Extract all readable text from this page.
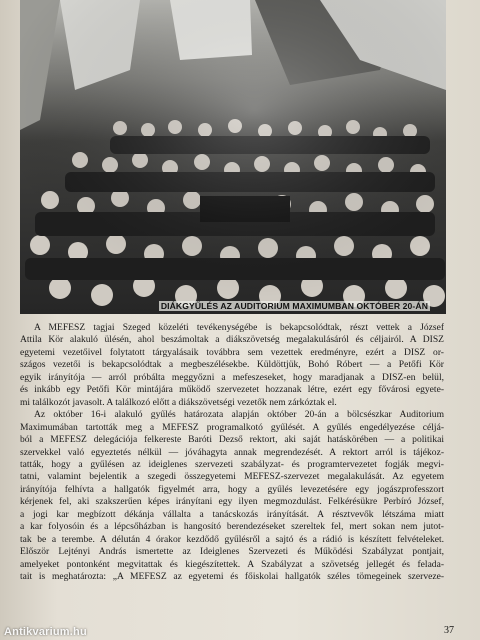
DIÁKGYŰLÉS AZ AUDITORIUM MAXIMUMBAN OKTÓBER 20-ÁN

A MEFESZ tagjai Szeged közeléti tevékenységébe is bekapcsolódtak, részt vettek a József

Attila Kör alakuló ülésén, ahol beszámoltak a diákszövetség megalakulásáról és céljairól. A DISZ

egyetemi vezetőivel folytatott tárgyalásaik továbbra sem vezettek eredményre, ezért a DISZ or-

szágos vezetői is bekapcsolódtak a megbeszélésekbe. Küldöttjük, Bohó Róbert — a Petőfi Kör

egyik irányítója — arról próbálta meggyőzni a mefeszeseket, hogy maradjanak a DISZ-en belül,

és inkább egy Petőfi Kör mintájára működő szervezetet hozzanak létre, ezért egy fővárosi egyete-

mi találkozót javasolt. A találkozó előtt a diákszövetségi vezetők nem zárkóztak el.

Az október 16-i alakuló gyűlés határozata alapján október 20-án a bölcsészkar Auditorium

Maximumában tartották meg a MEFESZ programalkotó gyűlését. A gyűlés engedélyezése céljá-

ból a MEFESZ delegációja felkereste Baróti Dezső rektort, aki saját hatáskörében — a politikai

szervekkel való egyeztetés nélkül — jóváhagyta annak megrendezését. A rektort arról is tájékoz-

tatták, hogy a gyűlésen az ideiglenes szervezeti szabályzat- és programtervezetet fogják megvi-

tatni, valamint bejelentik a szegedi összegyetemi MEFESZ-szervezet megalakulását. Az egyetem

irányítója felhívta a hallgatók figyelmét arra, hogy a gyűlés levezetésére egy jogászprofesszort

kérjenek fel, aki szakszerűen képes irányítani egy ilyen megmozdulást. Felkérésükre Perbíró József,

a jogi kar megbízott dékánja vállalta a tanácskozás irányítását. A résztvevők létszáma miatt

a kar folyosóin és a lépcsőházban is hangosító berendezéseket szereltek fel, mert sokan nem jutot-

tak be a terembe. A délután 4 órakor kezdődő gyűlésről a sajtó és a rádió is készített felvételeket.

Először Lejtényi András ismertette az Ideiglenes Szervezeti és Működési Szabályzat pontjait,

amelyeket pontonként megvitattak és kiegészítettek. A Szabályzat a szövetség jellegét és felada-

tait is meghatározta: „A MEFESZ az egyetemi és főiskolai hallgatók széles tömegeinek szerveze-

37
Antikvarium.hu
